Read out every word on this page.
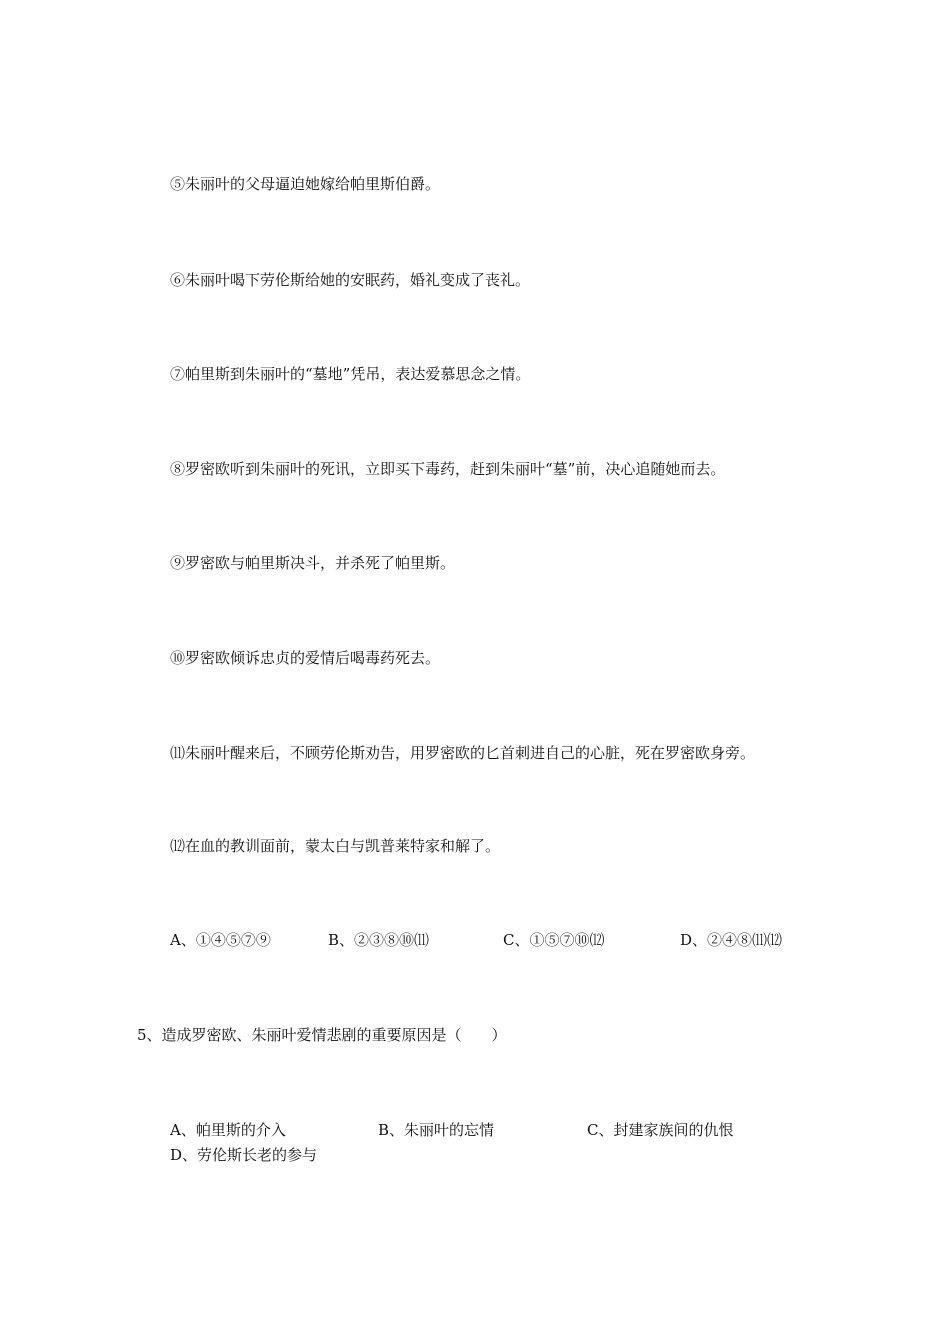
⑤朱丽叶的父母逼迫她嫁给帕里斯伯爵。
⑥朱丽叶喝下劳伦斯给她的安眠药，婚礼变成了丧礼。
⑦帕里斯到朱丽叶的“墓地”凭吊，表达爱慕思念之情。
⑧罗密欧听到朱丽叶的死讯，立即买下毒药，赶到朱丽叶“墓”前，决心追随她而去。
⑨罗密欧与帕里斯决斗，并杀死了帕里斯。
⑩罗密欧倾诉忠贞的爱情后喝毒药死去。
⑾朱丽叶醒来后，不顾劳伦斯劝告，用罗密欧的匕首刺进自己的心脏，死在罗密欧身旁。
⑿在血的教训面前，蒙太白与凯普莱特家和解了。
A、①④⑤⑦⑨	B、②③⑧⑩⑾	C、①⑤⑦⑩⑿	D、②④⑧⑾⑿
5、造成罗密欧、朱丽叶爱情悲剧的重要原因是（　　）
A、帕里斯的介入	B、朱丽叶的忘情	C、封建家族间的仇恨
D、劳伦斯长老的参与
